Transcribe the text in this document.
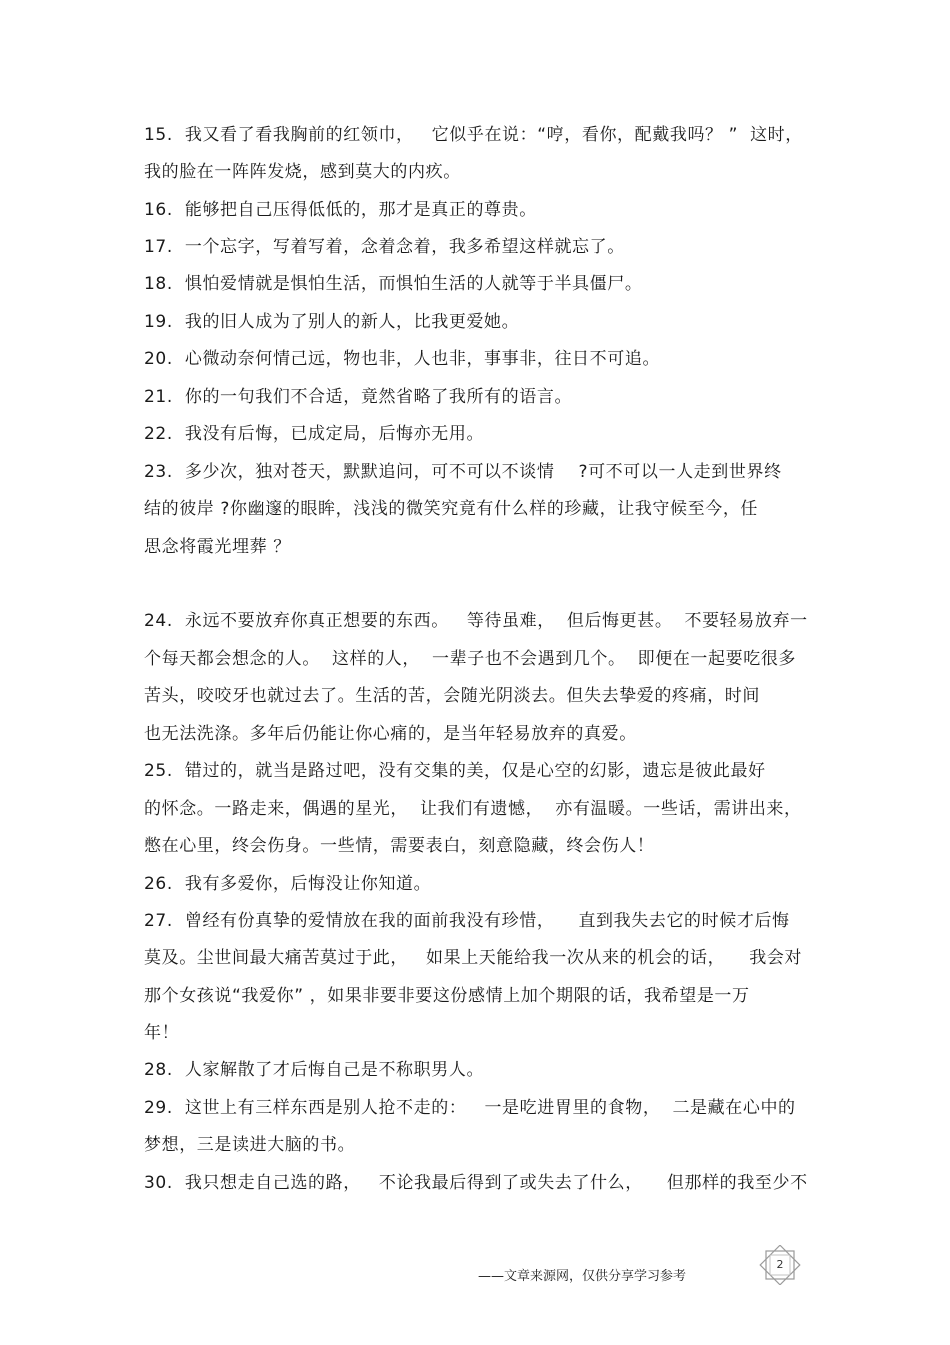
15.  我又看了看我胸前的红领巾，   它似乎在说：“哼，看你，配戴我吗？ ”  这时，
我的脸在一阵阵发烧，感到莫大的内疚。
16.  能够把自己压得低低的，那才是真正的尊贵。
17.  一个忘字，写着写着，念着念着，我多希望这样就忘了。
18.  惧怕爱情就是惧怕生活，而惧怕生活的人就等于半具僵尸。
19.  我的旧人成为了别人的新人，比我更爱她。
20.  心微动奈何情己远，物也非，人也非，事事非，往日不可追。
21.  你的一句我们不合适，竟然省略了我所有的语言。
22.  我没有后悔，已成定局，后悔亦无用。
23.  多少次，独对苍天，默默追问，可不可以不谈情    ?可不可以一人走到世界终
结的彼岸 ?你幽邃的眼眸，浅浅的微笑究竟有什么样的珍藏，让我守候至今，任
思念将霞光埋葬 ？
24.  永远不要放弃你真正想要的东西。   等待虽难，  但后悔更甚。  不要轻易放弃一
个每天都会想念的人。  这样的人，  一辈子也不会遇到几个。  即便在一起要吃很多
苦头，咬咬牙也就过去了。生活的苦，会随光阴淡去。但失去挚爱的疼痛，时间
也无法洗涤。多年后仍能让你心痛的，是当年轻易放弃的真爱。
25.  错过的，就当是路过吧，没有交集的美，仅是心空的幻影，遗忘是彼此最好
的怀念。一路走来，偶遇的星光，  让我们有遗憾，  亦有温暖。一些话，需讲出来，
憋在心里，终会伤身。一些情，需要表白，刻意隐藏，终会伤人！
26.  我有多爱你，后悔没让你知道。
27.  曾经有份真挚的爱情放在我的面前我没有珍惜，    直到我失去它的时候才后悔
莫及。尘世间最大痛苦莫过于此，   如果上天能给我一次从来的机会的话，    我会对
那个女孩说“我爱你” ，如果非要非要这份感情上加个期限的话，我希望是一万
年！
28.  人家解散了才后悔自己是不称职男人。
29.  这世上有三样东西是别人抢不走的：   一是吃进胃里的食物，  二是藏在心中的
梦想，三是读进大脑的书。
30.  我只想走自己选的路，   不论我最后得到了或失去了什么，    但那样的我至少不
——文章来源网，仅供分享学习参考
2
